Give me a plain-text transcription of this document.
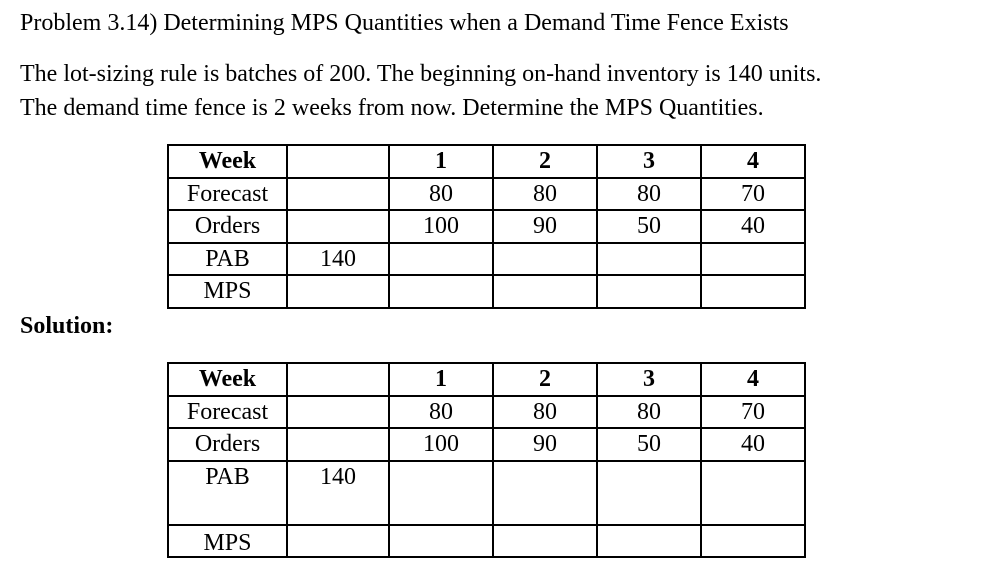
Problem 3.14) Determining MPS Quantities when a Demand Time Fence Exists
The lot-sizing rule is batches of 200. The beginning on-hand inventory is 140 units.
The demand time fence is 2 weeks from now. Determine the MPS Quantities.
Week		1	2	3	4
Forecast		80	80	80	70
Orders		100	90	50	40
PAB	140				
MPS					
Solution:
Week		1	2	3	4
Forecast		80	80	80	70
Orders		100	90	50	40
PAB	140				
MPS					
